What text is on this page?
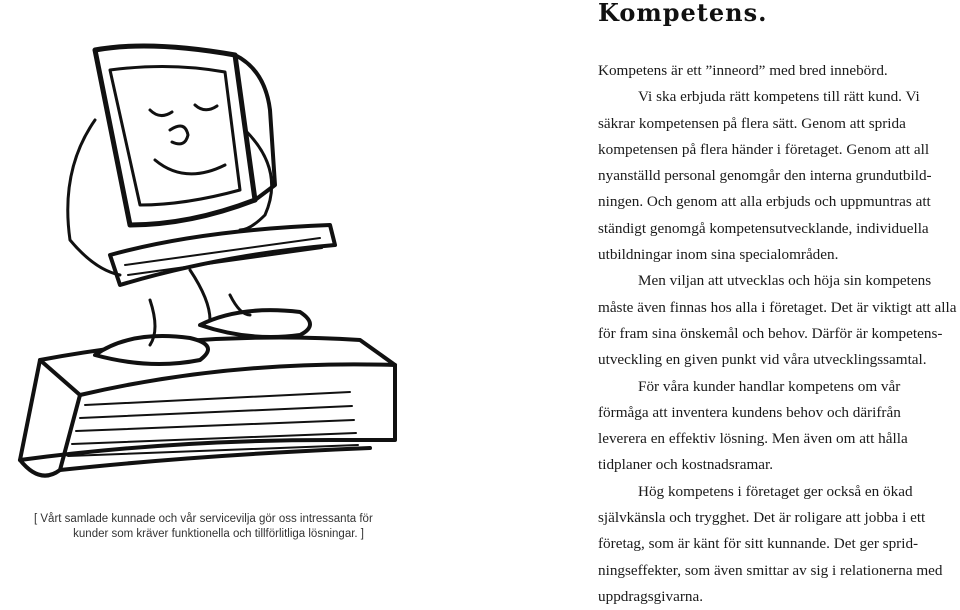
[ Vårt samlade kunnade och vår servicevilja gör oss intressanta för
kunder som kräver funktionella och tillförlitliga lösningar. ]
Kompetens.
Kompetens är ett ”inneord” med bred innebörd.
Vi ska erbjuda rätt kompetens till rätt kund. Vi
säkrar kompetensen på flera sätt. Genom att sprida
kompetensen på flera händer i företaget. Genom att all
nyanställd personal genomgår den interna grundutbild-
ningen. Och genom att alla erbjuds och uppmuntras att
ständigt genomgå kompetensutvecklande, individuella
utbildningar inom sina specialområden.
Men viljan att utvecklas och höja sin kompetens
måste även finnas hos alla i företaget. Det är viktigt att alla
för fram sina önskemål och behov. Därför är kompetens-
utveckling en given punkt vid våra utvecklingssamtal.
För våra kunder handlar kompetens om vår
förmåga att inventera kundens behov och därifrån
leverera en effektiv lösning. Men även om att hålla
tidplaner och kostnadsramar.
Hög kompetens i företaget ger också en ökad
självkänsla och trygghet. Det är roligare att jobba i ett
företag, som är känt för sitt kunnande. Det ger sprid-
ningseffekter, som även smittar av sig i relationerna med
uppdragsgivarna.
